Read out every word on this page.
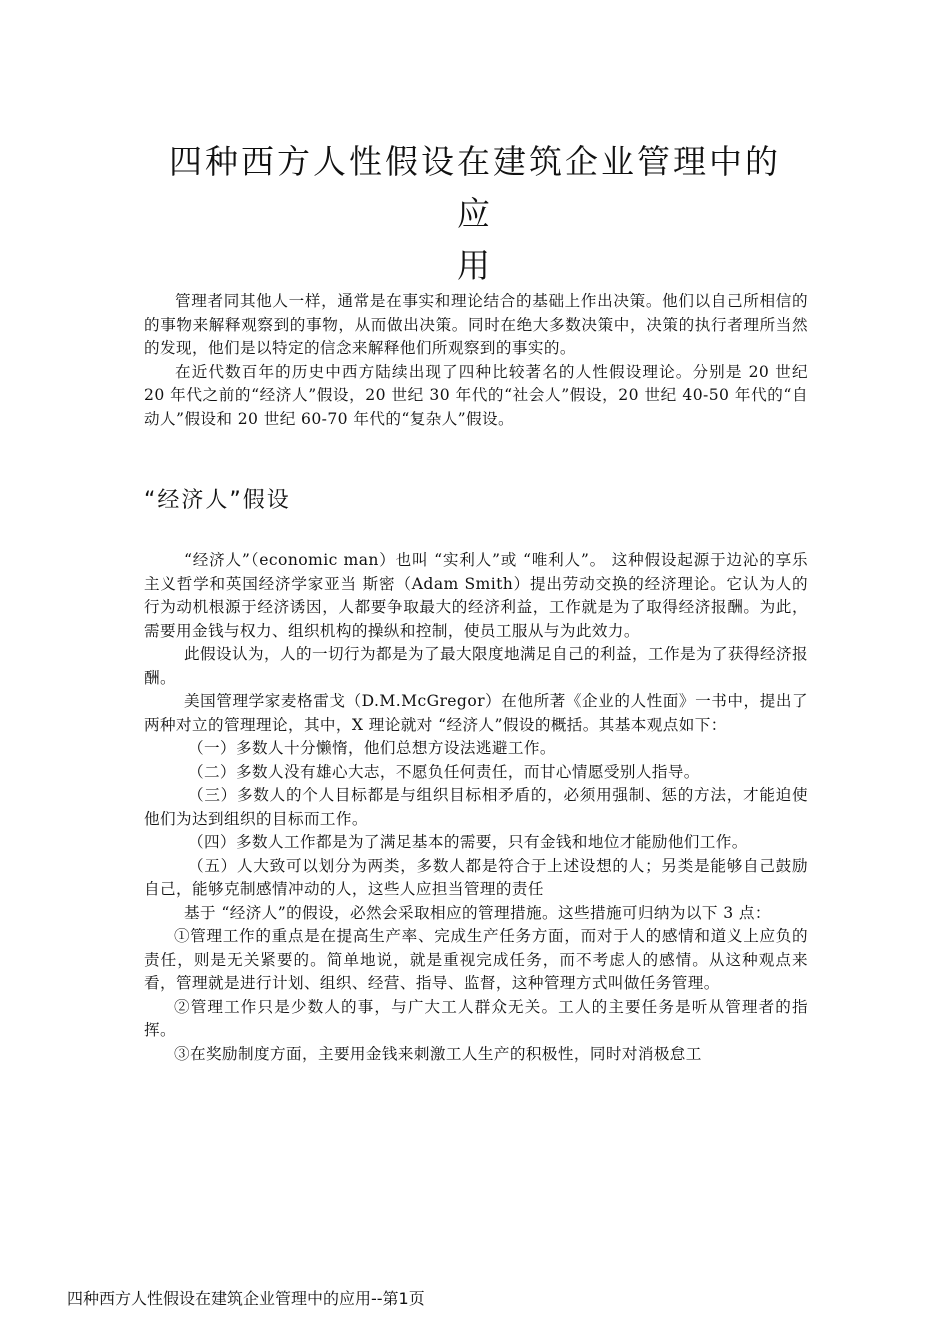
四种西方人性假设在建筑企业管理中的应
用

管理者同其他人一样，通常是在事实和理论结合的基础上作出决策。他们以自己所相信的的事物来解释观察到的事物，从而做出决策。同时在绝大多数决策中，决策的执行者理所当然的发现，他们是以特定的信念来解释他们所观察到的事实的。

在近代数百年的历史中西方陆续出现了四种比较著名的人性假设理论。分别是 20 世纪 20 年代之前的“经济人”假设，20 世纪 30 年代的“社会人”假设，20 世纪 40-50 年代的“自动人”假设和 20 世纪 60-70 年代的“复杂人”假设。

“经济人”假设

“经济人”（economic man）也叫 “实利人”或 “唯利人”。 这种假设起源于边沁的享乐主义哲学和英国经济学家亚当 斯密（Adam Smith）提出劳动交换的经济理论。它认为人的行为动机根源于经济诱因，人都要争取最大的经济利益，工作就是为了取得经济报酬。为此，需要用金钱与权力、组织机构的操纵和控制，使员工服从与为此效力。

此假设认为，人的一切行为都是为了最大限度地满足自己的利益，工作是为了获得经济报酬。

美国管理学家麦格雷戈（D.M.McGregor）在他所著《企业的人性面》一书中，提出了两种对立的管理理论，其中，X 理论就对 “经济人”假设的概括。其基本观点如下：

（一）多数人十分懒惰，他们总想方设法逃避工作。

（二）多数人没有雄心大志，不愿负任何责任，而甘心情愿受别人指导。

（三）多数人的个人目标都是与组织目标相矛盾的，必须用强制、惩的方法，才能迫使他们为达到组织的目标而工作。

（四）多数人工作都是为了满足基本的需要，只有金钱和地位才能励他们工作。

（五）人大致可以划分为两类，多数人都是符合于上述设想的人；另类是能够自己鼓励自己，能够克制感情冲动的人，这些人应担当管理的责任

基于 “经济人”的假设，必然会采取相应的管理措施。这些措施可归纳为以下 3 点：

①管理工作的重点是在提高生产率、完成生产任务方面，而对于人的感情和道义上应负的责任，则是无关紧要的。简单地说，就是重视完成任务，而不考虑人的感情。从这种观点来看，管理就是进行计划、组织、经营、指导、监督，这种管理方式叫做任务管理。

②管理工作只是少数人的事，与广大工人群众无关。工人的主要任务是听从管理者的指挥。

③在奖励制度方面，主要用金钱来刺激工人生产的积极性，同时对消极怠工

四种西方人性假设在建筑企业管理中的应用--第1页
